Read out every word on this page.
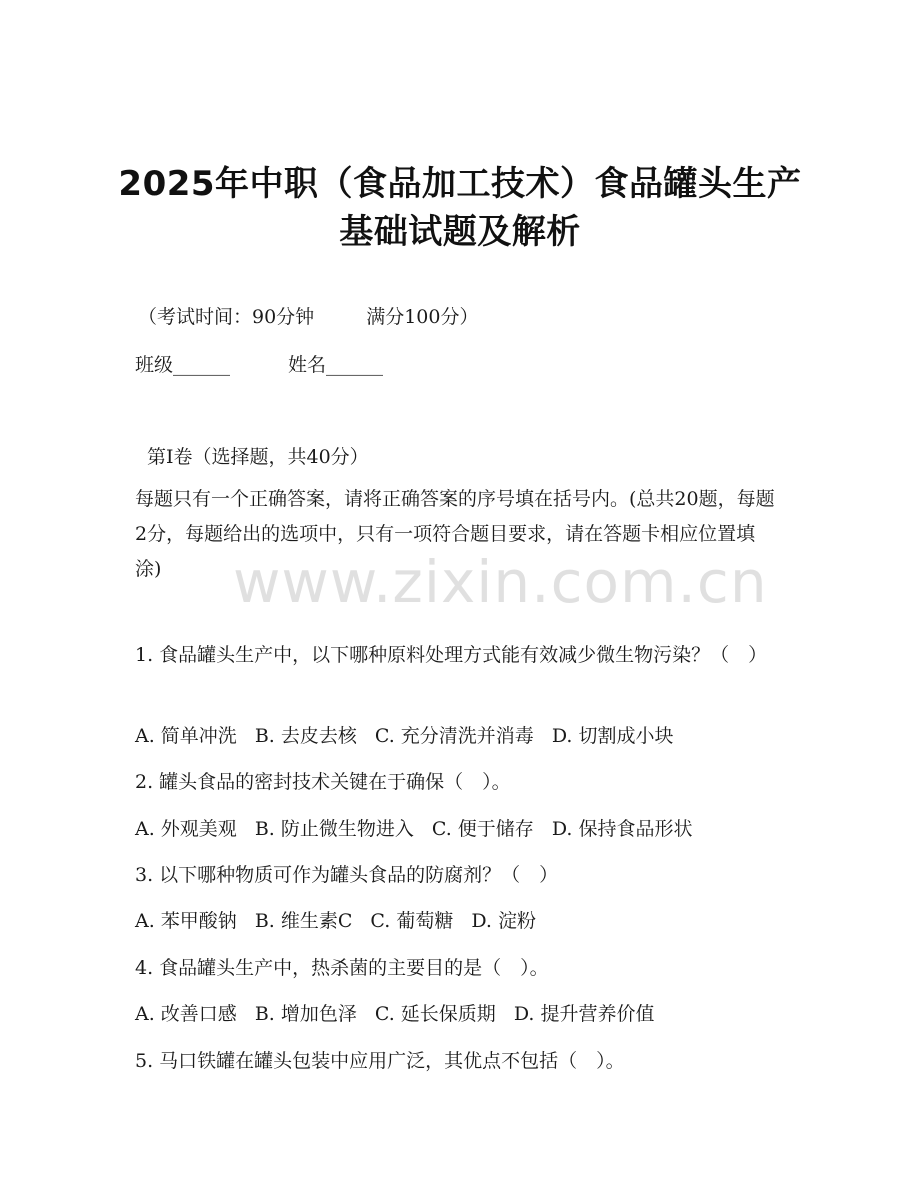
www.zixin.com.cn
2025年中职（食品加工技术）食品罐头生产
基础试题及解析
（考试时间：90分钟	满分100分）
班级______	姓名______
第Ⅰ卷（选择题，共40分）
每题只有一个正确答案，请将正确答案的序号填在括号内。(总共20题，每题2分，每题给出的选项中，只有一项符合题目要求，请在答题卡相应位置填涂)
1. 食品罐头生产中，以下哪种原料处理方式能有效减少微生物污染？（　）
A. 简单冲洗 B. 去皮去核 C. 充分清洗并消毒 D. 切割成小块
2. 罐头食品的密封技术关键在于确保（　）。
A. 外观美观 B. 防止微生物进入 C. 便于储存 D. 保持食品形状
3. 以下哪种物质可作为罐头食品的防腐剂？（　）
A. 苯甲酸钠 B. 维生素C C. 葡萄糖 D. 淀粉
4. 食品罐头生产中，热杀菌的主要目的是（　）。
A. 改善口感 B. 增加色泽 C. 延长保质期 D. 提升营养价值
5. 马口铁罐在罐头包装中应用广泛，其优点不包括（　）。
